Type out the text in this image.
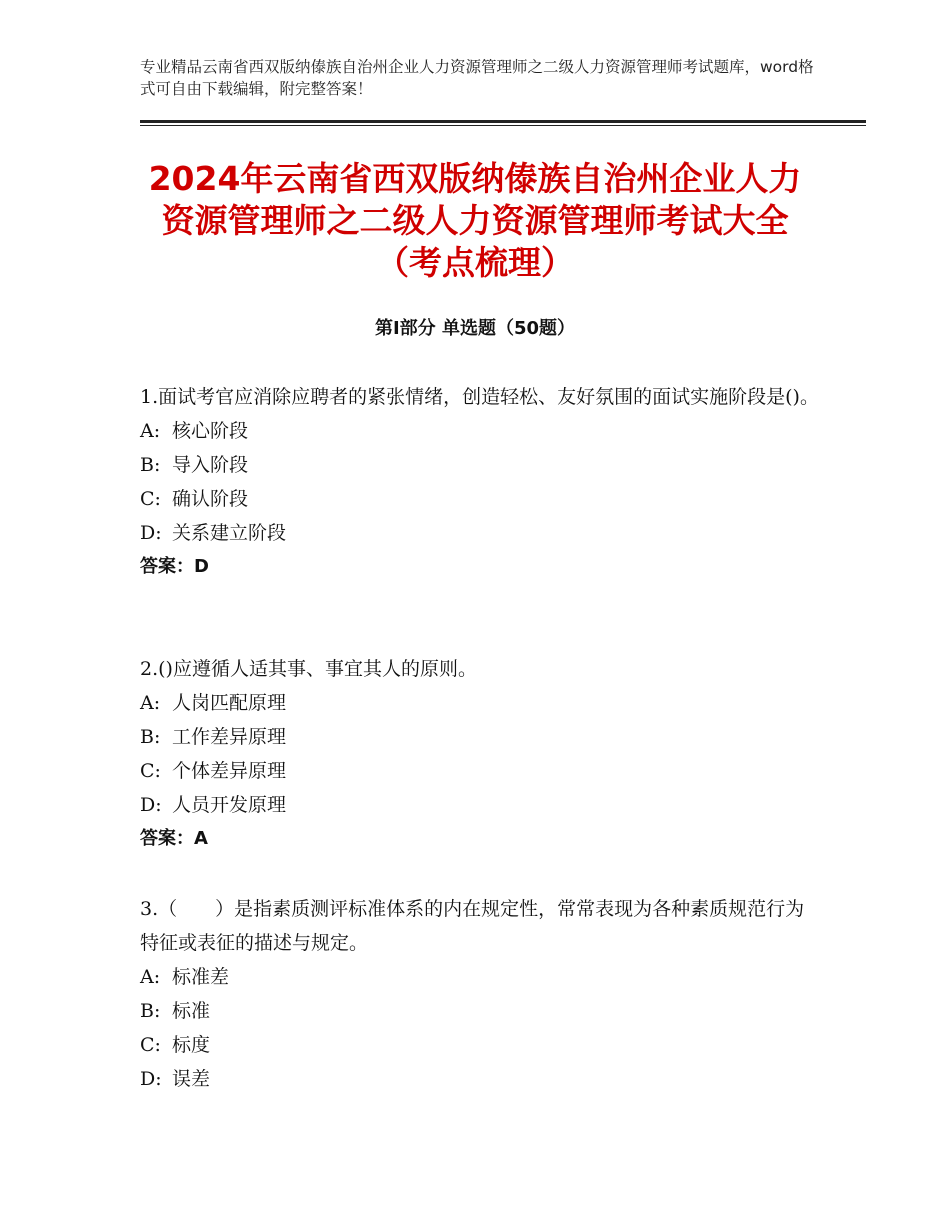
专业精品云南省西双版纳傣族自治州企业人力资源管理师之二级人力资源管理师考试题库，word格式可自由下载编辑，附完整答案！
2024年云南省西双版纳傣族自治州企业人力
资源管理师之二级人力资源管理师考试大全
（考点梳理）
第Ⅰ部分 单选题（50题）
1.面试考官应消除应聘者的紧张情绪，创造轻松、友好氛围的面试实施阶段是()。
A: 核心阶段
B: 导入阶段
C: 确认阶段
D: 关系建立阶段
答案：D
2.()应遵循人适其事、事宜其人的原则。
A: 人岗匹配原理
B: 工作差异原理
C: 个体差异原理
D: 人员开发原理
答案：A
3.（　　）是指素质测评标准体系的内在规定性，常常表现为各种素质规范行为特征或表征的描述与规定。
A: 标准差
B: 标准
C: 标度
D: 误差
